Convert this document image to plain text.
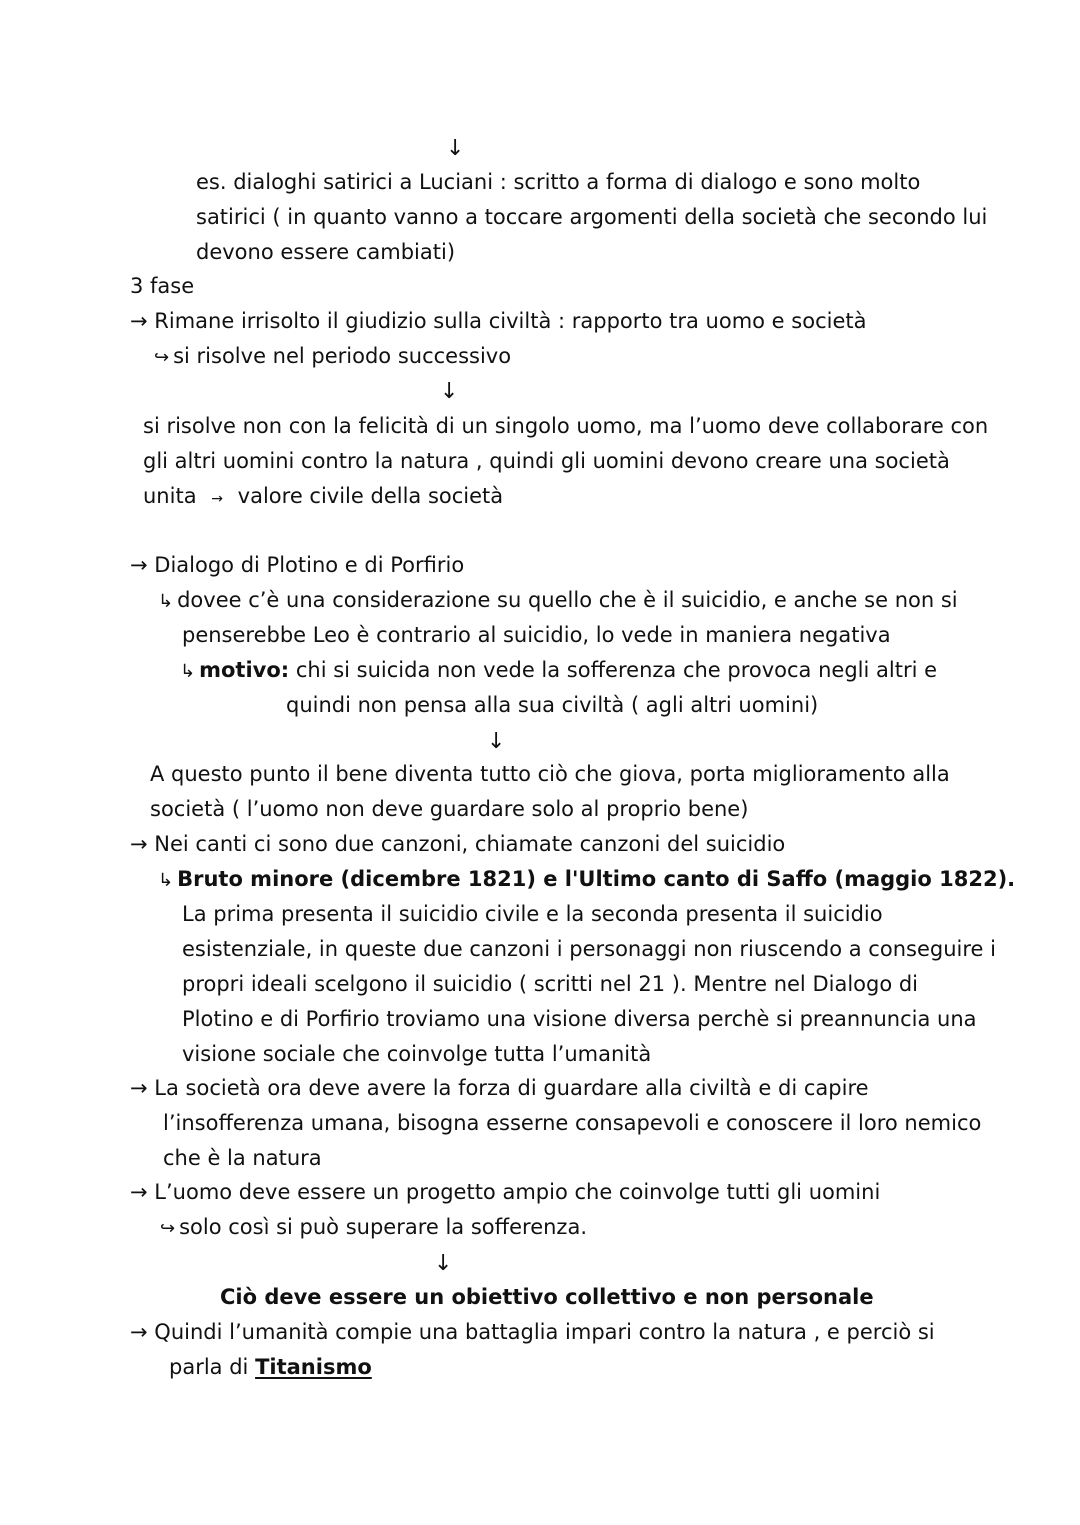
↓
es. dialoghi satirici a Luciani : scritto a forma di dialogo e sono molto
satirici ( in quanto vanno a toccare argomenti della società che secondo lui
devono essere cambiati)
3 fase
→ Rimane irrisolto il giudizio sulla civiltà : rapporto tra uomo e società
↪ si risolve nel periodo successivo
↓
si risolve non con la felicità di un singolo uomo, ma l’uomo deve collaborare con
gli altri uomini contro la natura , quindi gli uomini devono creare una società
unita → valore civile della società
→ Dialogo di Plotino e di Porfirio
↳ dovee c’è una considerazione su quello che è il suicidio, e anche se non si
penserebbe Leo è contrario al suicidio, lo vede in maniera negativa
↳ motivo: chi si suicida non vede la sofferenza che provoca negli altri e
quindi non pensa alla sua civiltà ( agli altri uomini)
↓
A questo punto il bene diventa tutto ciò che giova, porta miglioramento alla
società ( l’uomo non deve guardare solo al proprio bene)
→ Nei canti ci sono due canzoni, chiamate canzoni del suicidio
↳ Bruto minore (dicembre 1821) e l'Ultimo canto di Saffo (maggio 1822).
La prima presenta il suicidio civile e la seconda presenta il suicidio
esistenziale, in queste due canzoni i personaggi non riuscendo a conseguire i
propri ideali scelgono il suicidio ( scritti nel 21 ). Mentre nel Dialogo di
Plotino e di Porfirio troviamo una visione diversa perchè si preannuncia una
visione sociale che coinvolge tutta l’umanità
→ La società ora deve avere la forza di guardare alla civiltà e di capire
l’insofferenza umana, bisogna esserne consapevoli e conoscere il loro nemico
che è la natura
→ L’uomo deve essere un progetto ampio che coinvolge tutti gli uomini
↪ solo così si può superare la sofferenza.
↓
Ciò deve essere un obiettivo collettivo e non personale
→ Quindi l’umanità compie una battaglia impari contro la natura , e perciò si
parla di Titanismo
